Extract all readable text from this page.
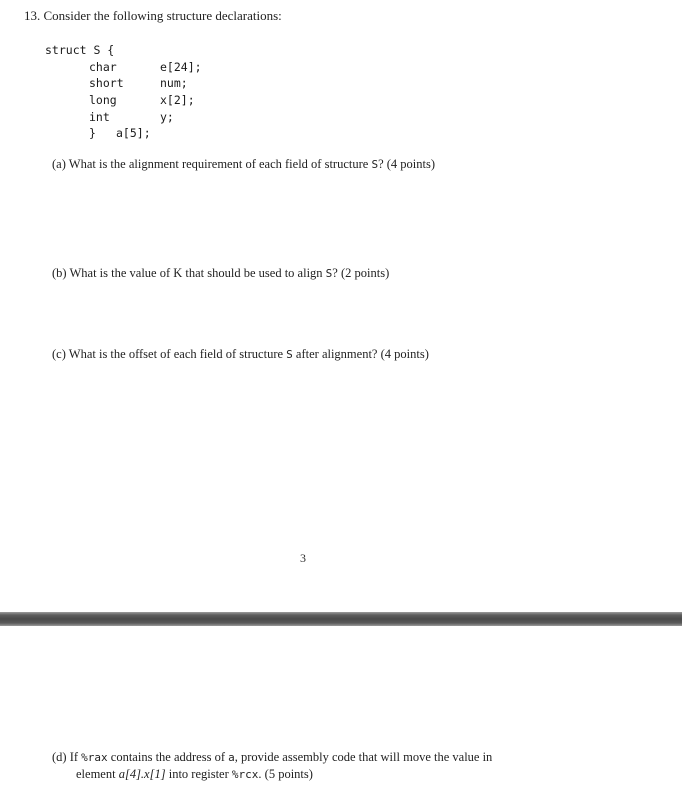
13. Consider the following structure declarations:
struct S {
char	e[24];
short	num;
long	x[2];
int	y;
} a[5];
(a) What is the alignment requirement of each field of structure S? (4 points)
(b) What is the value of K that should be used to align S? (2 points)
(c) What is the offset of each field of structure S after alignment? (4 points)
3
(d) If %rax contains the address of a, provide assembly code that will move the value in
element a[4].x[1] into register %rcx. (5 points)
